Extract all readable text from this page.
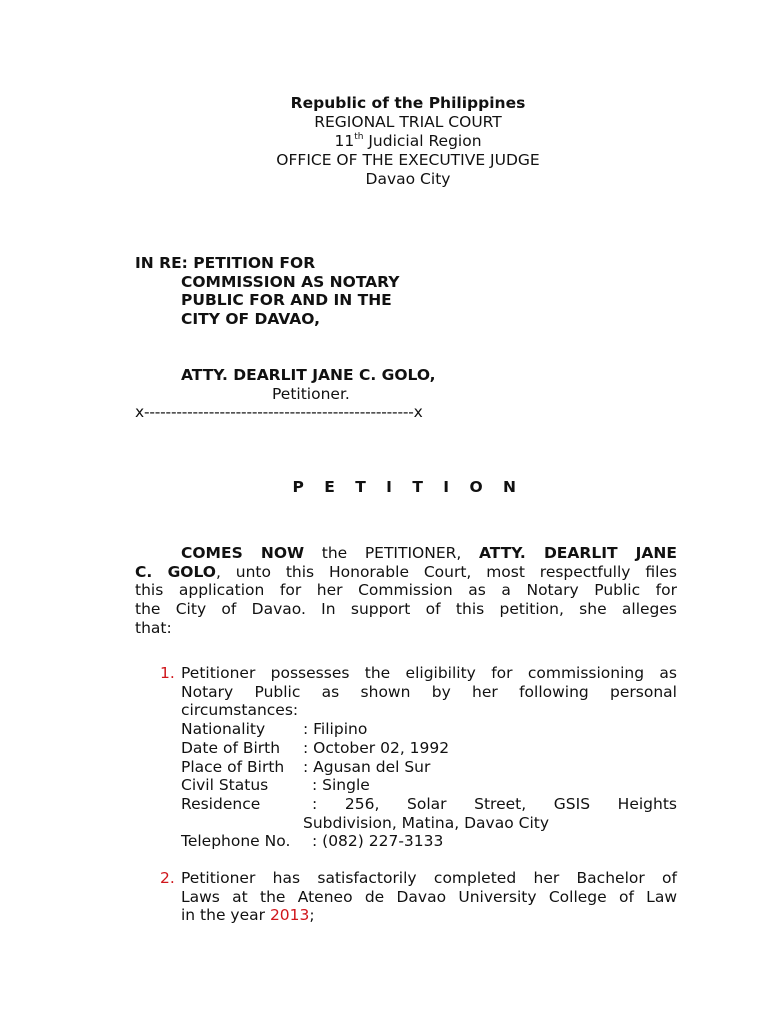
Republic of the Philippines
REGIONAL TRIAL COURT
11th Judicial Region
OFFICE OF THE EXECUTIVE JUDGE
Davao City
IN RE: PETITION FOR
COMMISSION AS NOTARY
PUBLIC FOR AND IN THE
CITY OF DAVAO,
ATTY. DEARLIT JANE C. GOLO,
Petitioner.
x--------------------------------------------------x
P E T I T I O N
COMES NOW the PETITIONER, ATTY. DEARLIT JANE
C. GOLO, unto this Honorable Court, most respectfully files
this application for her Commission as a Notary Public for
the City of Davao. In support of this petition, she alleges
that:
1. Petitioner possesses the eligibility for commissioning as
Notary Public as shown by her following personal
circumstances:
Nationality : Filipino
Date of Birth : October 02, 1992
Place of Birth : Agusan del Sur
Civil Status	: Single
Residence	:  256,  Solar  Street,  GSIS  Heights
Subdivision, Matina, Davao City
Telephone No. : (082) 227-3133
2. Petitioner has satisfactorily completed her Bachelor of
Laws at the Ateneo de Davao University College of Law
in the year 2013;
